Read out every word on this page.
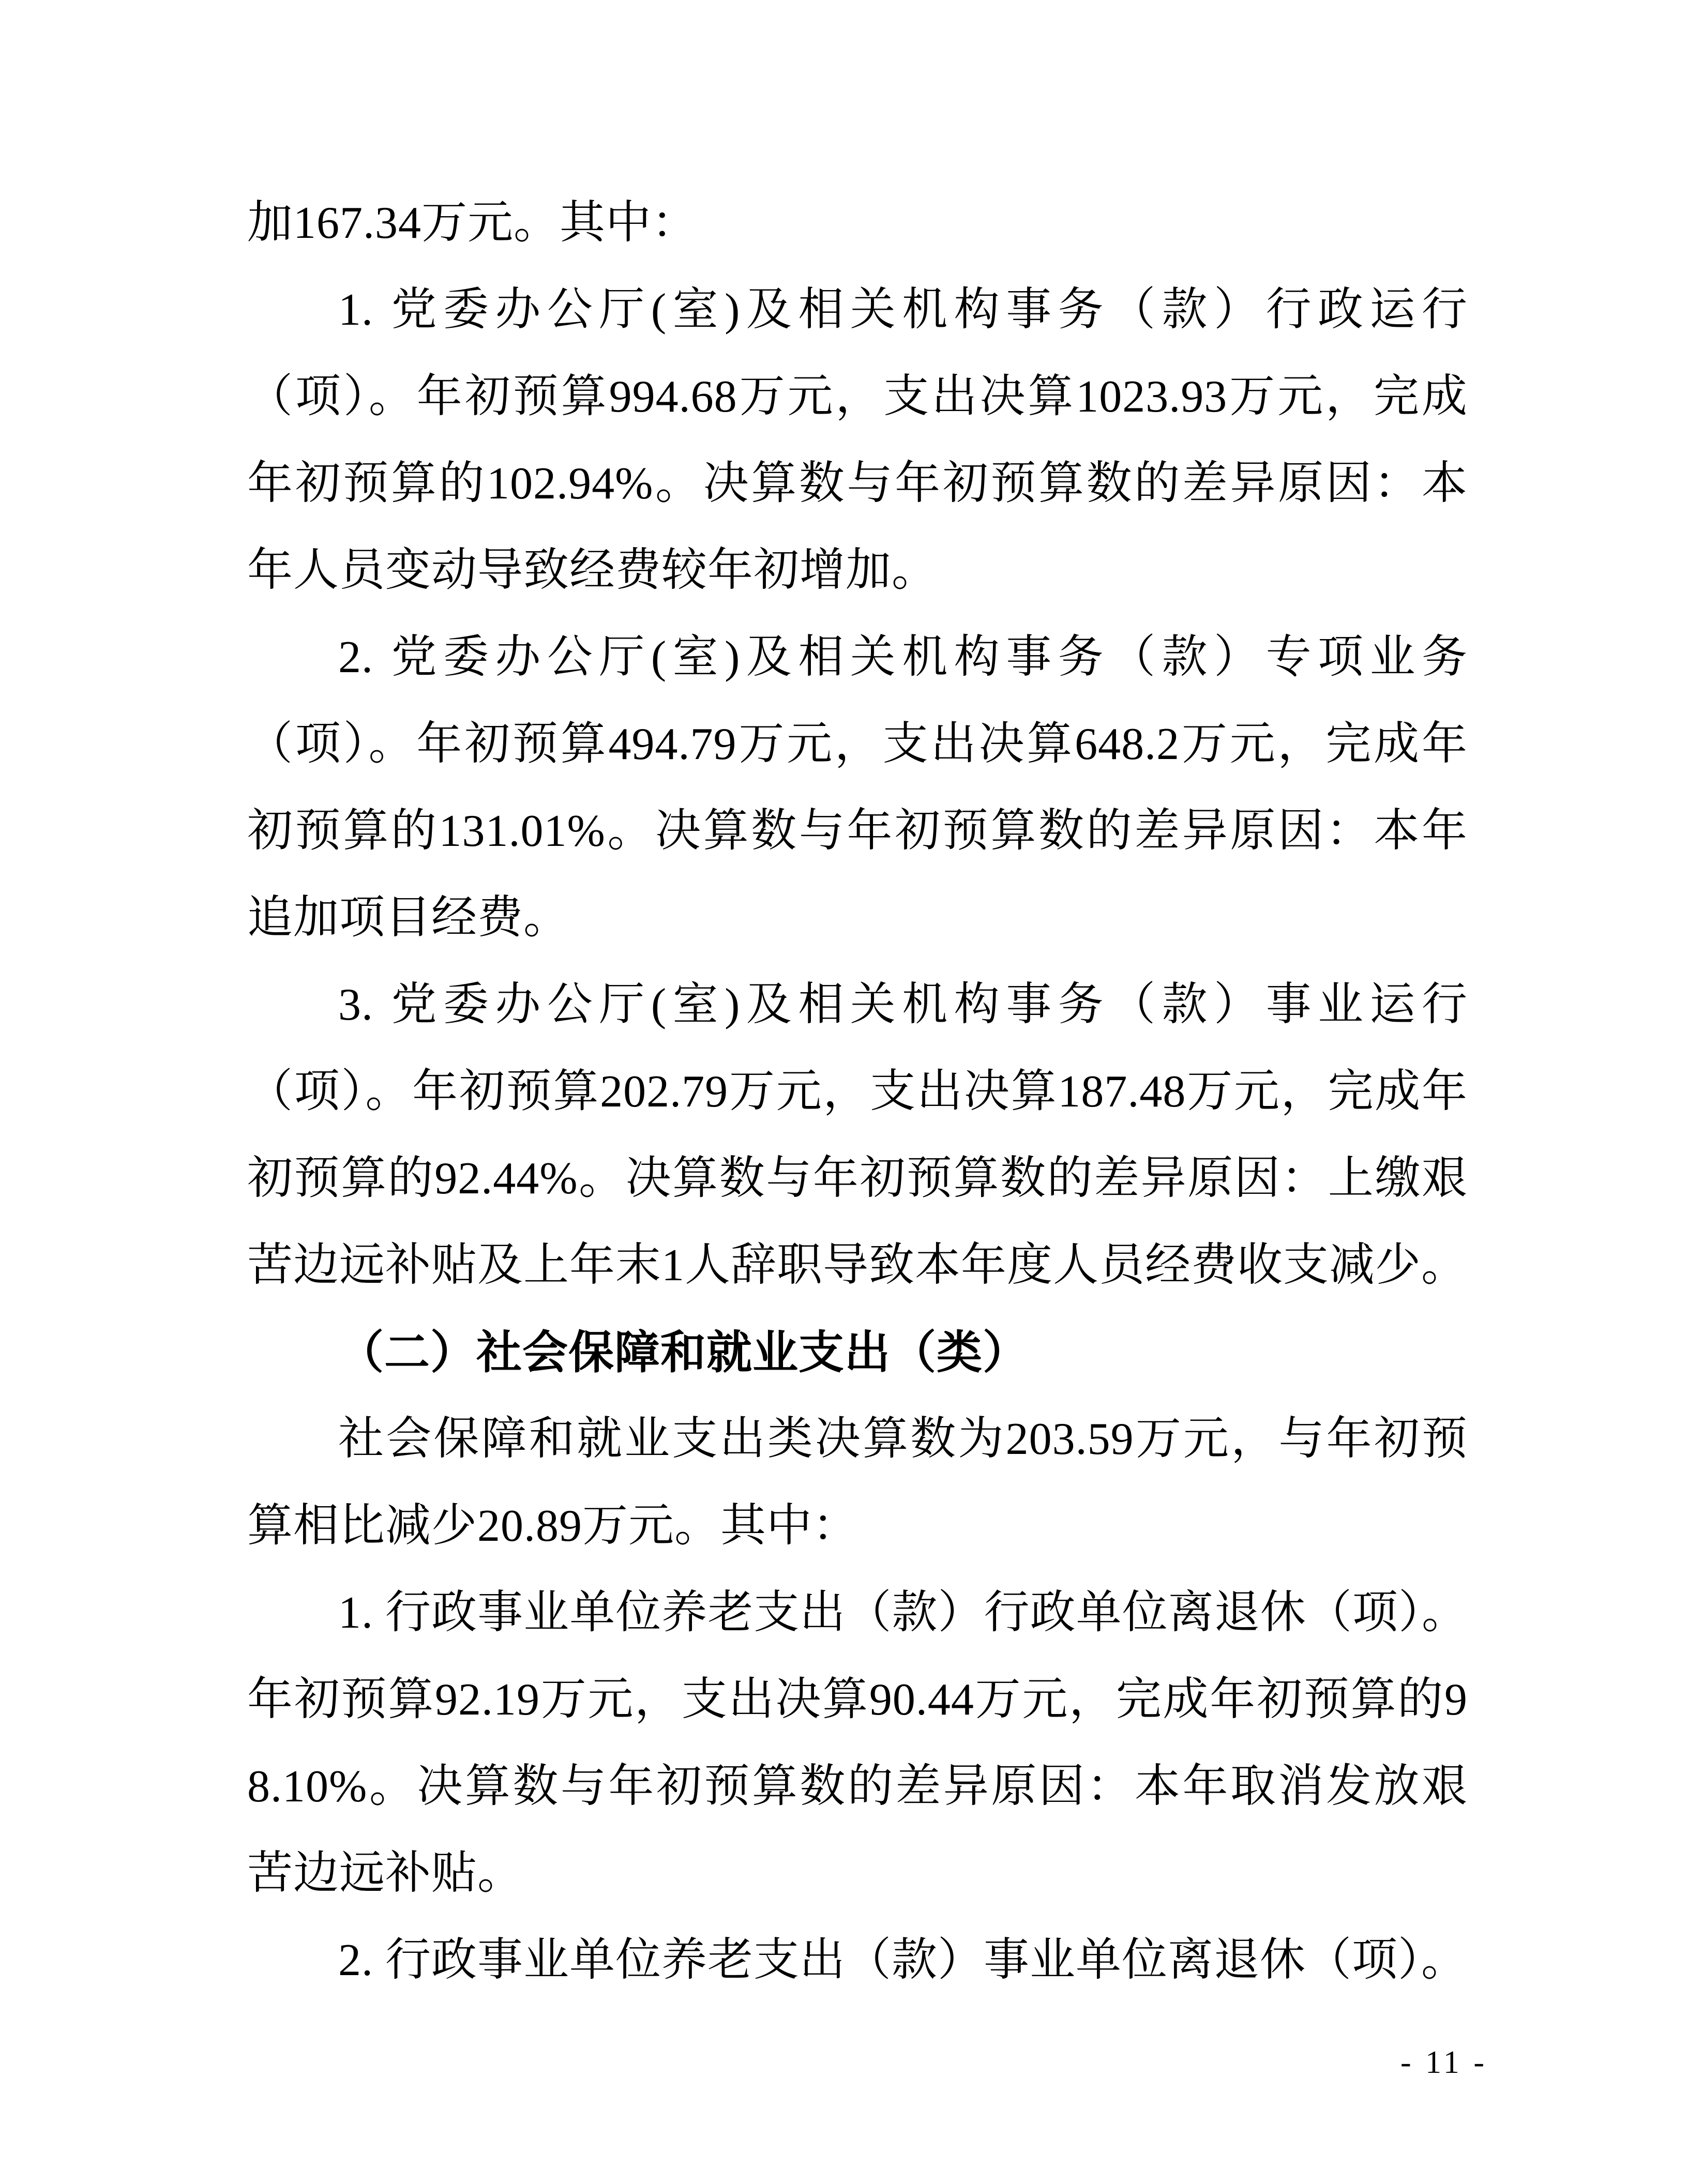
加167.34万元。其中：

1. 党委办公厅(室)及相关机构事务（款）行政运行（项）。年初预算994.68万元，支出决算1023.93万元，完成年初预算的102.94%。决算数与年初预算数的差异原因：本年人员变动导致经费较年初增加。

2. 党委办公厅(室)及相关机构事务（款）专项业务（项）。年初预算494.79万元，支出决算648.2万元，完成年初预算的131.01%。决算数与年初预算数的差异原因：本年追加项目经费。

3. 党委办公厅(室)及相关机构事务（款）事业运行（项）。年初预算202.79万元，支出决算187.48万元，完成年初预算的92.44%。决算数与年初预算数的差异原因：上缴艰苦边远补贴及上年末1人辞职导致本年度人员经费收支减少。

（二）社会保障和就业支出（类）

社会保障和就业支出类决算数为203.59万元，与年初预算相比减少20.89万元。其中：

1. 行政事业单位养老支出（款）行政单位离退休（项）。年初预算92.19万元，支出决算90.44万元，完成年初预算的98.10%。决算数与年初预算数的差异原因：本年取消发放艰苦边远补贴。

2. 行政事业单位养老支出（款）事业单位离退休（项）。

- 11 -
